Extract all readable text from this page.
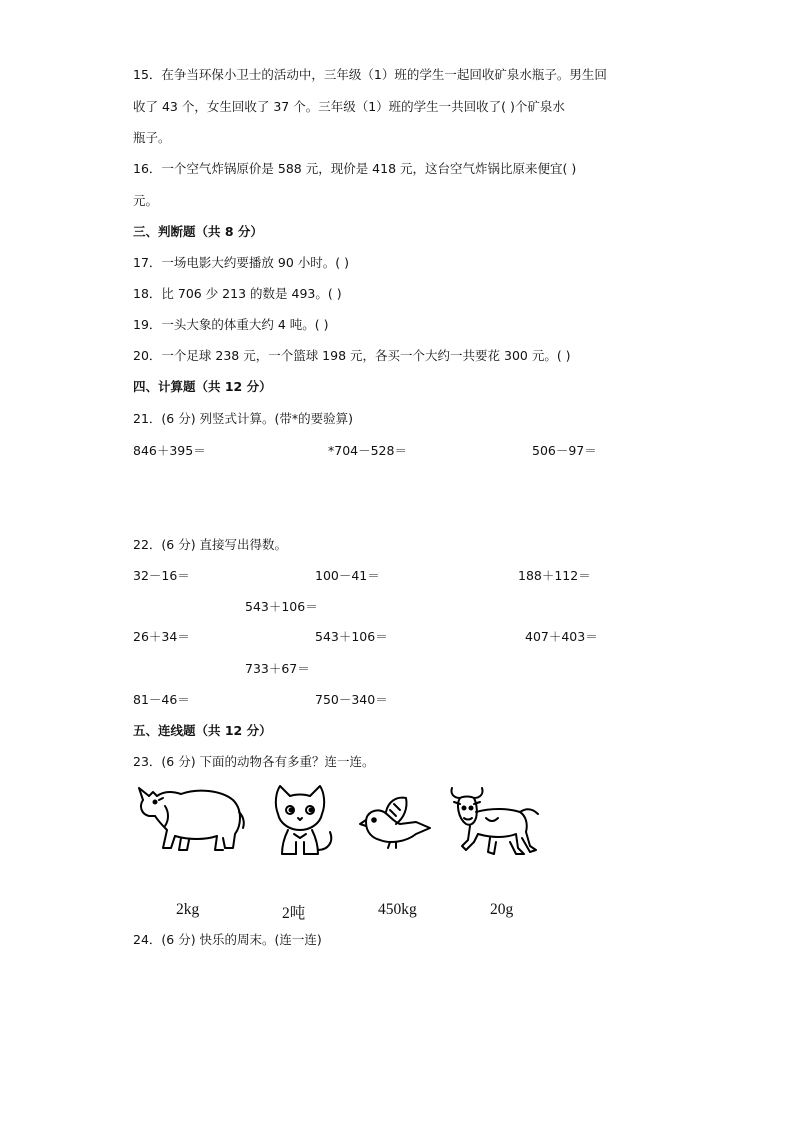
15．在争当环保小卫士的活动中，三年级（1）班的学生一起回收矿泉水瓶子。男生回
收了 43 个，女生回收了 37 个。三年级（1）班的学生一共回收了( )个矿泉水
瓶子。
16．一个空气炸锅原价是 588 元，现价是 418 元，这台空气炸锅比原来便宜( )
元。
三、判断题（共 8 分）
17．一场电影大约要播放 90 小时。( )
18．比 706 少 213 的数是 493。( )
19．一头大象的体重大约 4 吨。( )
20．一个足球 238 元，一个篮球 198 元，各买一个大约一共要花 300 元。( )
四、计算题（共 12 分）
21．(6 分) 列竖式计算。(带*的要验算)
846＋395＝	*704－528＝	506－97＝
22．(6 分) 直接写出得数。
32－16＝	100－41＝	188＋112＝
543＋106＝
26＋34＝	543＋106＝	407＋403＝
733＋67＝
81－46＝	750－340＝
五、连线题（共 12 分）
23．(6 分) 下面的动物各有多重？连一连。
2kg	2吨	450kg	20g
24．(6 分) 快乐的周末。(连一连)
